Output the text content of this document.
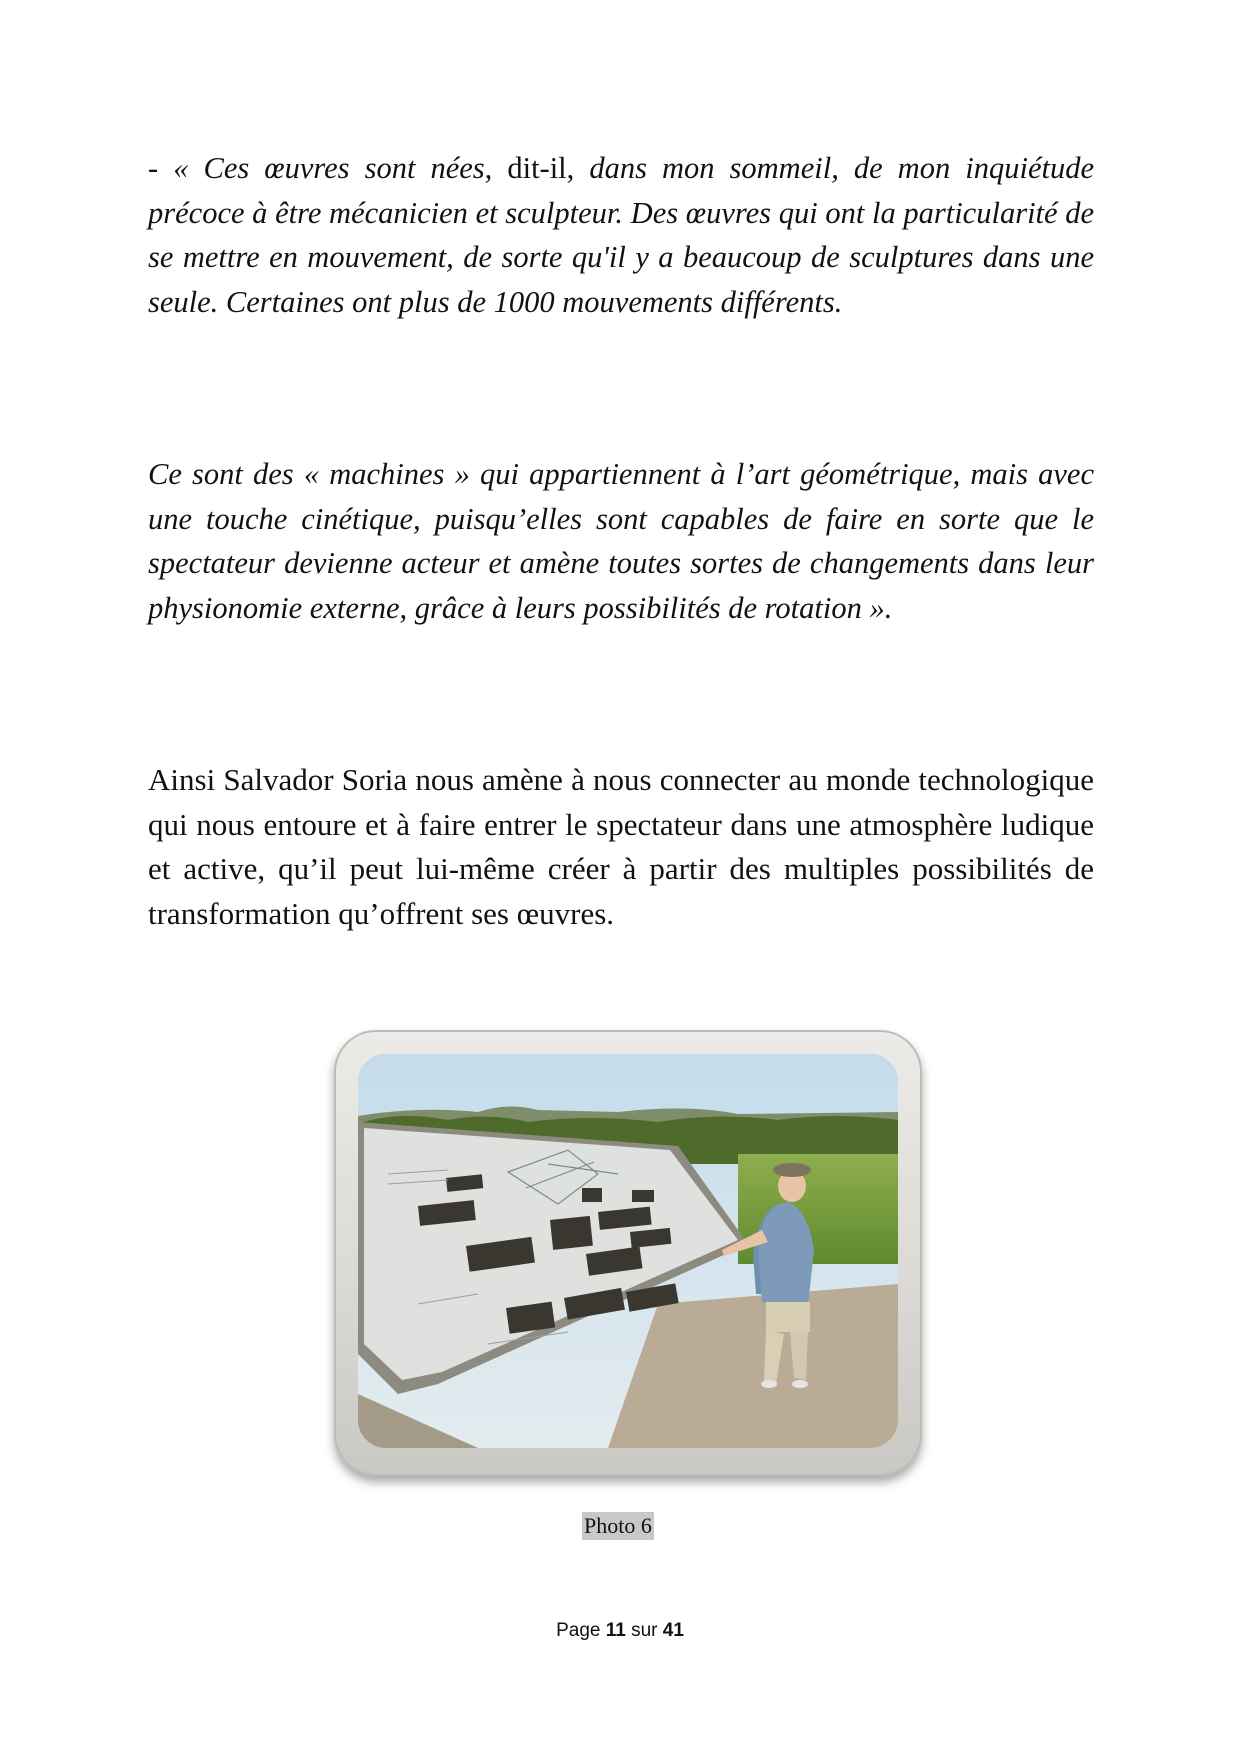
- « Ces œuvres sont nées, dit-il, dans mon sommeil, de mon inquiétude précoce à être mécanicien et sculpteur. Des œuvres qui ont la particularité de se mettre en mouvement, de sorte qu'il y a beaucoup de sculptures dans une seule. Certaines ont plus de 1000 mouvements différents.

Ce sont des « machines » qui appartiennent à l’art géométrique, mais avec une touche cinétique, puisqu’elles sont capables de faire en sorte que le spectateur devienne acteur et amène toutes sortes de changements dans leur physionomie externe, grâce à leurs possibilités de rotation ».

Ainsi Salvador Soria nous amène à nous connecter au monde technologique qui nous entoure et à faire entrer le spectateur dans une atmosphère ludique et active, qu’il peut lui-même créer à partir des multiples possibilités de transformation qu’offrent ses œuvres.

Photo 6
Page 11 sur 41
